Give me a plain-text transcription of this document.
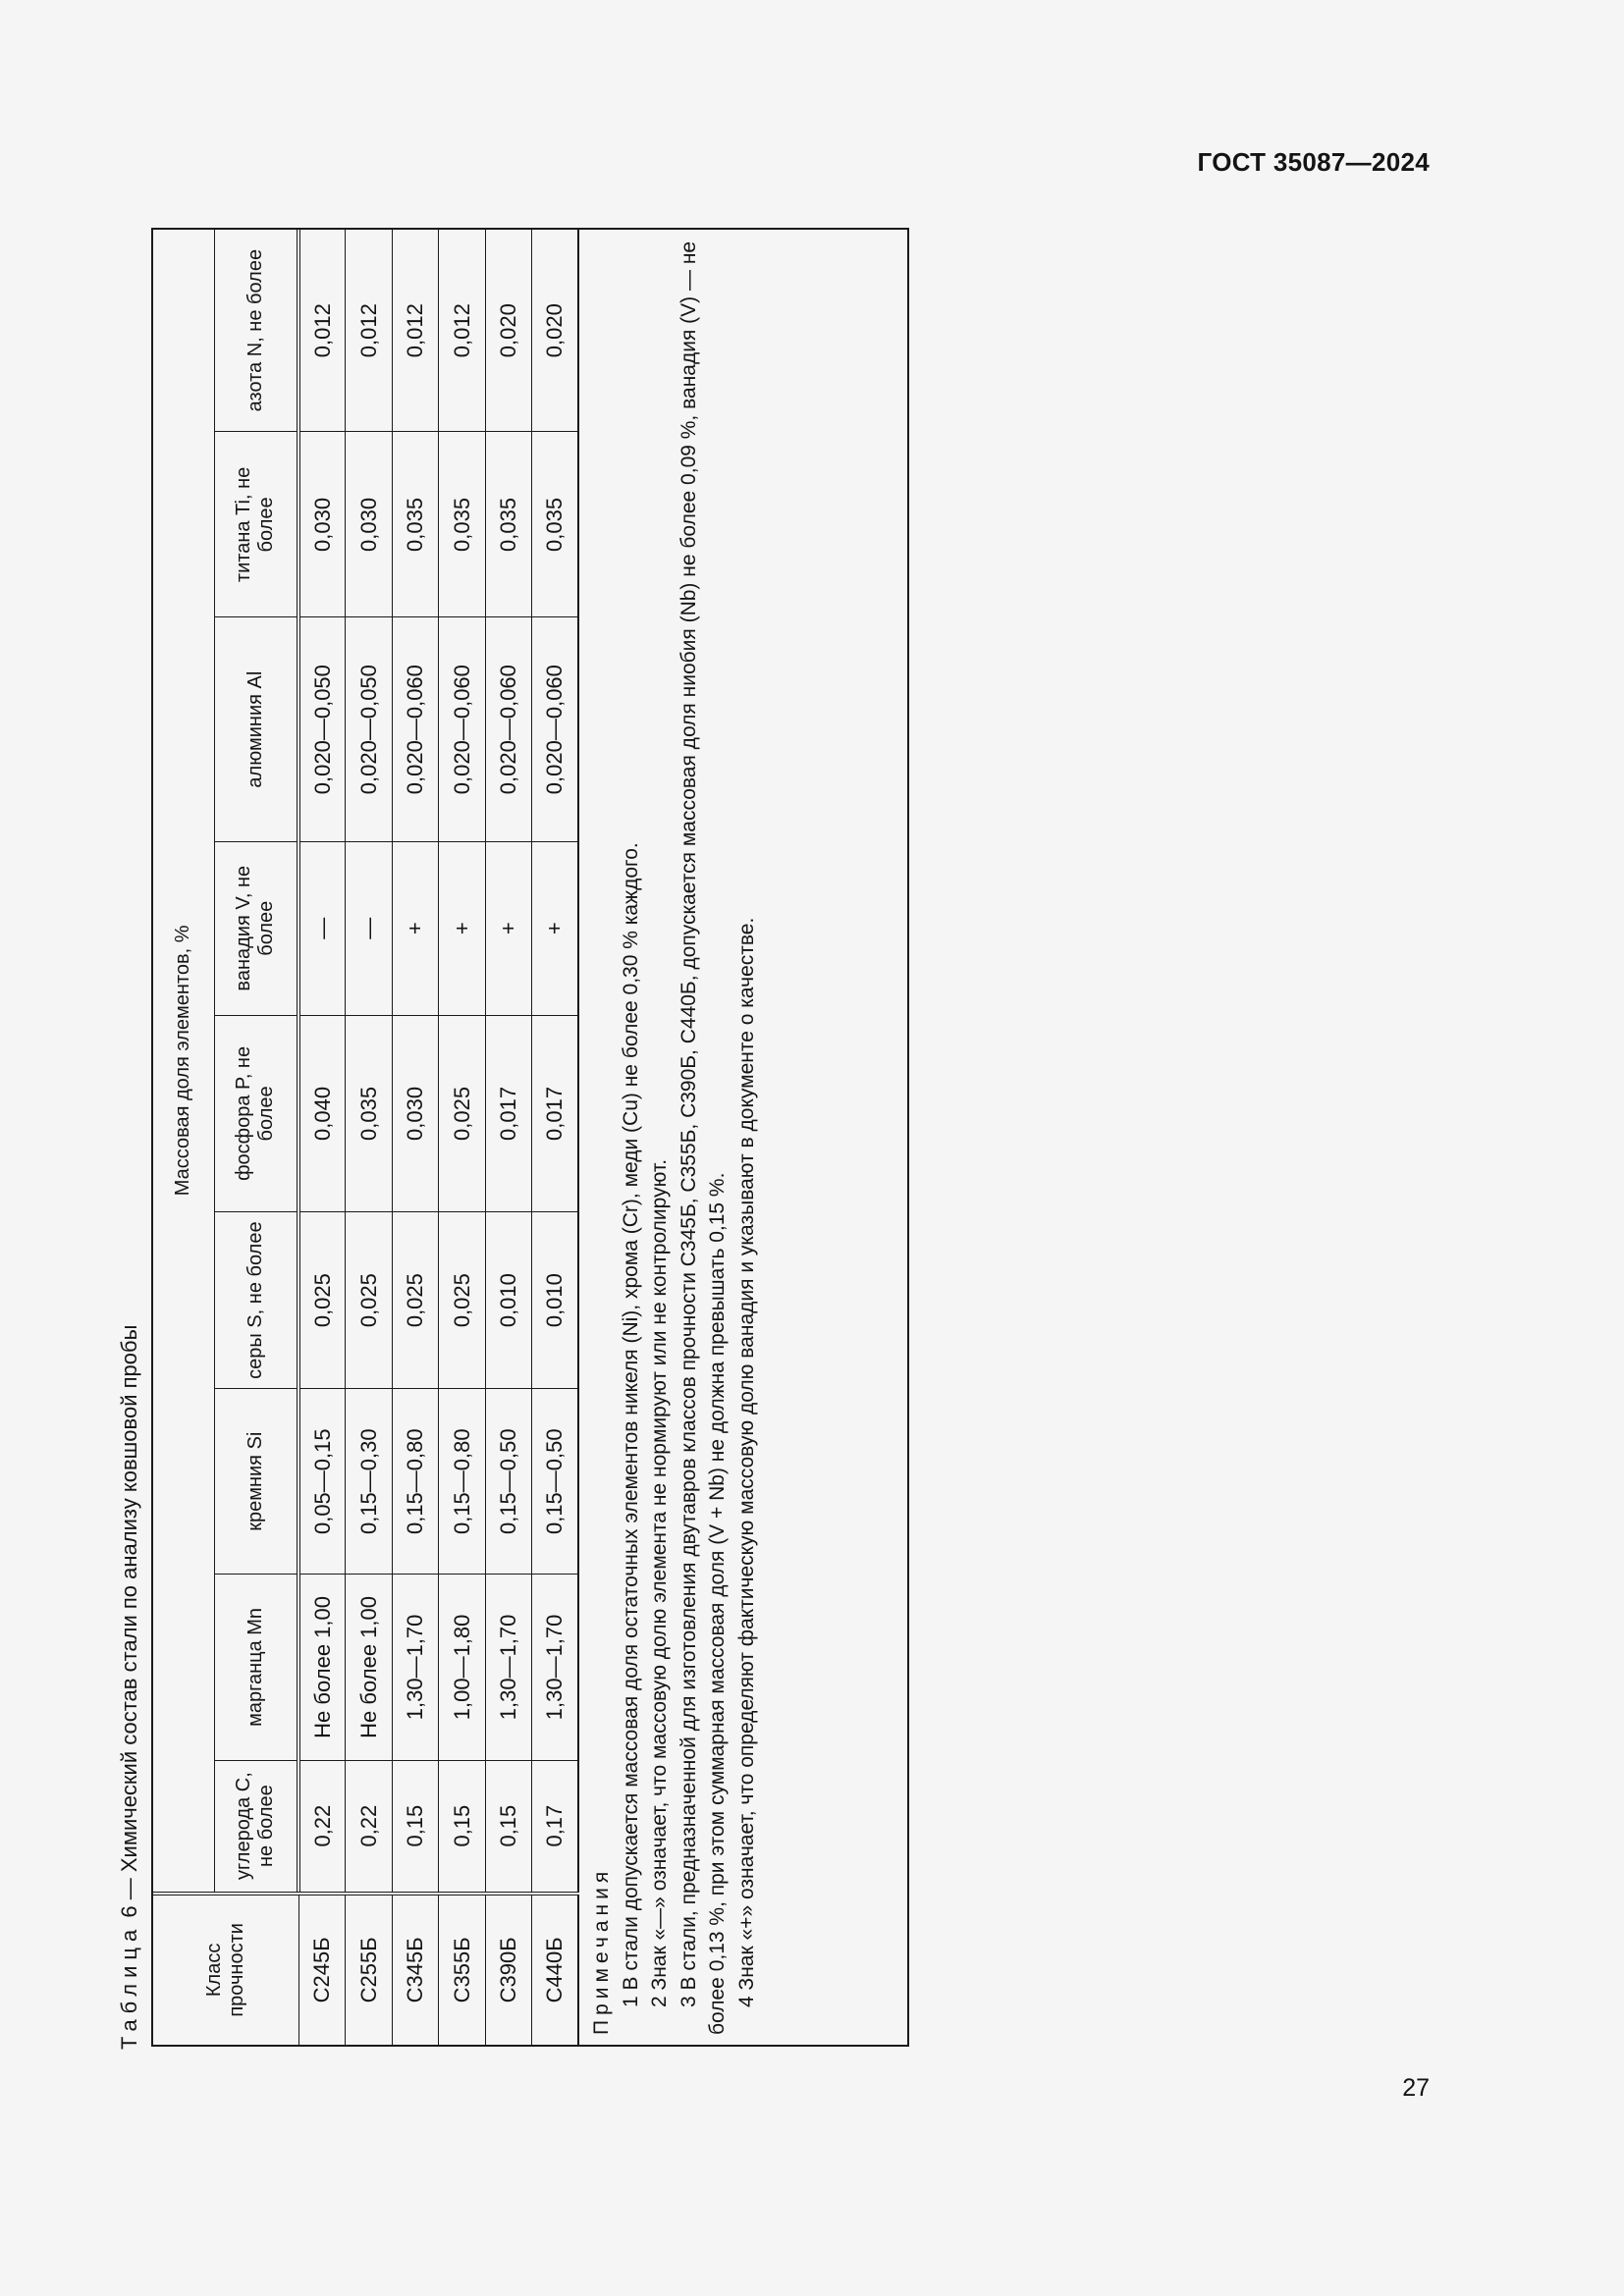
ГОСТ 35087—2024
Таблица 6 — Химический состав стали по анализу ковшовой пробы
Класс прочности	Массовая доля элементов, %								
	углерода C, не более	марганца Mn	кремния Si	серы S, не более	фосфора P, не более	ванадия V, не более	алюминия Al	титана Ti, не более	азота N, не более
С245Б	0,22	Не более 1,00	0,05—0,15	0,025	0,040	—	0,020—0,050	0,030	0,012
С255Б	0,22	Не более 1,00	0,15—0,30	0,025	0,035	—	0,020—0,050	0,030	0,012
С345Б	0,15	1,30—1,70	0,15—0,80	0,025	0,030	+	0,020—0,060	0,035	0,012
С355Б	0,15	1,00—1,80	0,15—0,80	0,025	0,025	+	0,020—0,060	0,035	0,012
С390Б	0,15	1,30—1,70	0,15—0,50	0,010	0,017	+	0,020—0,060	0,035	0,020
С440Б	0,17	1,30—1,70	0,15—0,50	0,010	0,017	+	0,020—0,060	0,035	0,020
Примечания 1 В стали допускается массовая доля остаточных элементов никеля (Ni), хрома (Cr), меди (Cu) не более 0,30 % каждого. 2 Знак «—» означает, что массовую долю элемента не нормируют или не контролируют. 3 В стали, предназначенной для изготовления двутавров классов прочности С345Б, С355Б, С390Б, С440Б, допускается массовая доля ниобия (Nb) не более 0,09 %, ванадия (V) — не более 0,13 %, при этом суммарная массовая доля (V + Nb) не должна превышать 0,15 %. 4 Знак «+» означает, что определяют фактическую массовую долю ванадия и указывают в документе о качестве.

27
